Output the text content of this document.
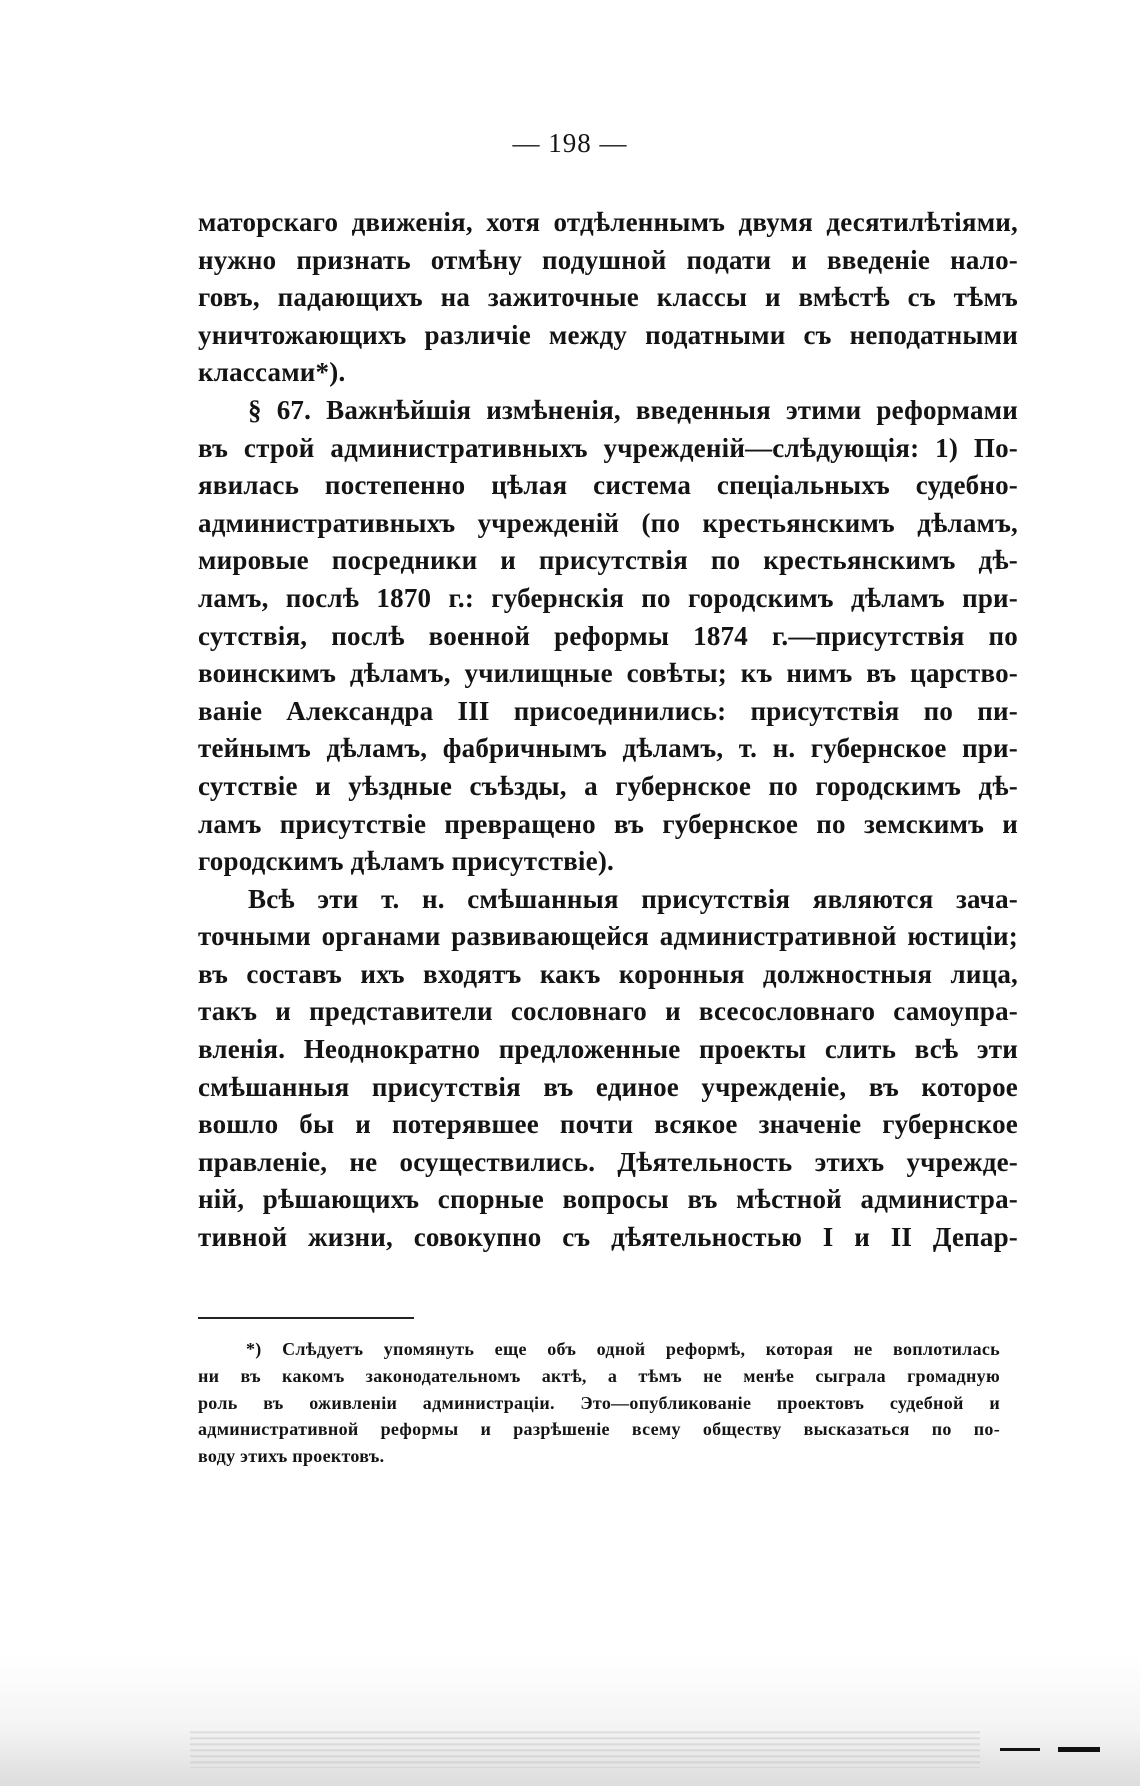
— 198 —
маторскаго движенія, хотя отдѣленнымъ двумя десятилѣтіями,
нужно признать отмѣну подушной подати и введеніе нало-
говъ, падающихъ на зажиточные классы и вмѣстѣ съ тѣмъ
уничтожающихъ различіе между податными съ неподатными
классами*).
§ 67. Важнѣйшія измѣненія, введенныя этими реформами
въ строй административныхъ учрежденій—слѣдующія: 1) По-
явилась постепенно цѣлая система спеціальныхъ судебно-
административныхъ учрежденій (по крестьянскимъ дѣламъ,
мировые посредники и присутствія по крестьянскимъ дѣ-
ламъ, послѣ 1870 г.: губернскія по городскимъ дѣламъ при-
сутствія, послѣ военной реформы 1874 г.—присутствія по
воинскимъ дѣламъ, училищные совѣты; къ нимъ въ царство-
ваніе Александра III присоединились: присутствія по пи-
тейнымъ дѣламъ, фабричнымъ дѣламъ, т. н. губернское при-
сутствіе и уѣздные съѣзды, а губернское по городскимъ дѣ-
ламъ присутствіе превращено въ губернское по земскимъ и
городскимъ дѣламъ присутствіе).
Всѣ эти т. н. смѣшанныя присутствія являются зача-
точными органами развивающейся административной юстиціи;
въ составъ ихъ входятъ какъ коронныя должностныя лица,
такъ и представители сословнаго и всесословнаго самоупра-
вленія. Неоднократно предложенные проекты слить всѣ эти
смѣшанныя присутствія въ единое учрежденіе, въ которое
вошло бы и потерявшее почти всякое значеніе губернское
правленіе, не осуществились. Дѣятельность этихъ учрежде-
ній, рѣшающихъ спорные вопросы въ мѣстной администра-
тивной жизни, совокупно съ дѣятельностью I и II Депар-
*) Слѣдуетъ упомянуть еще объ одной реформѣ, которая не воплотилась
ни въ какомъ законодательномъ актѣ, а тѣмъ не менѣе сыграла громадную
роль въ оживленіи администраціи. Это—опубликованіе проектовъ судебной и
административной реформы и разрѣшеніе всему обществу высказаться по по-
воду этихъ проектовъ.
